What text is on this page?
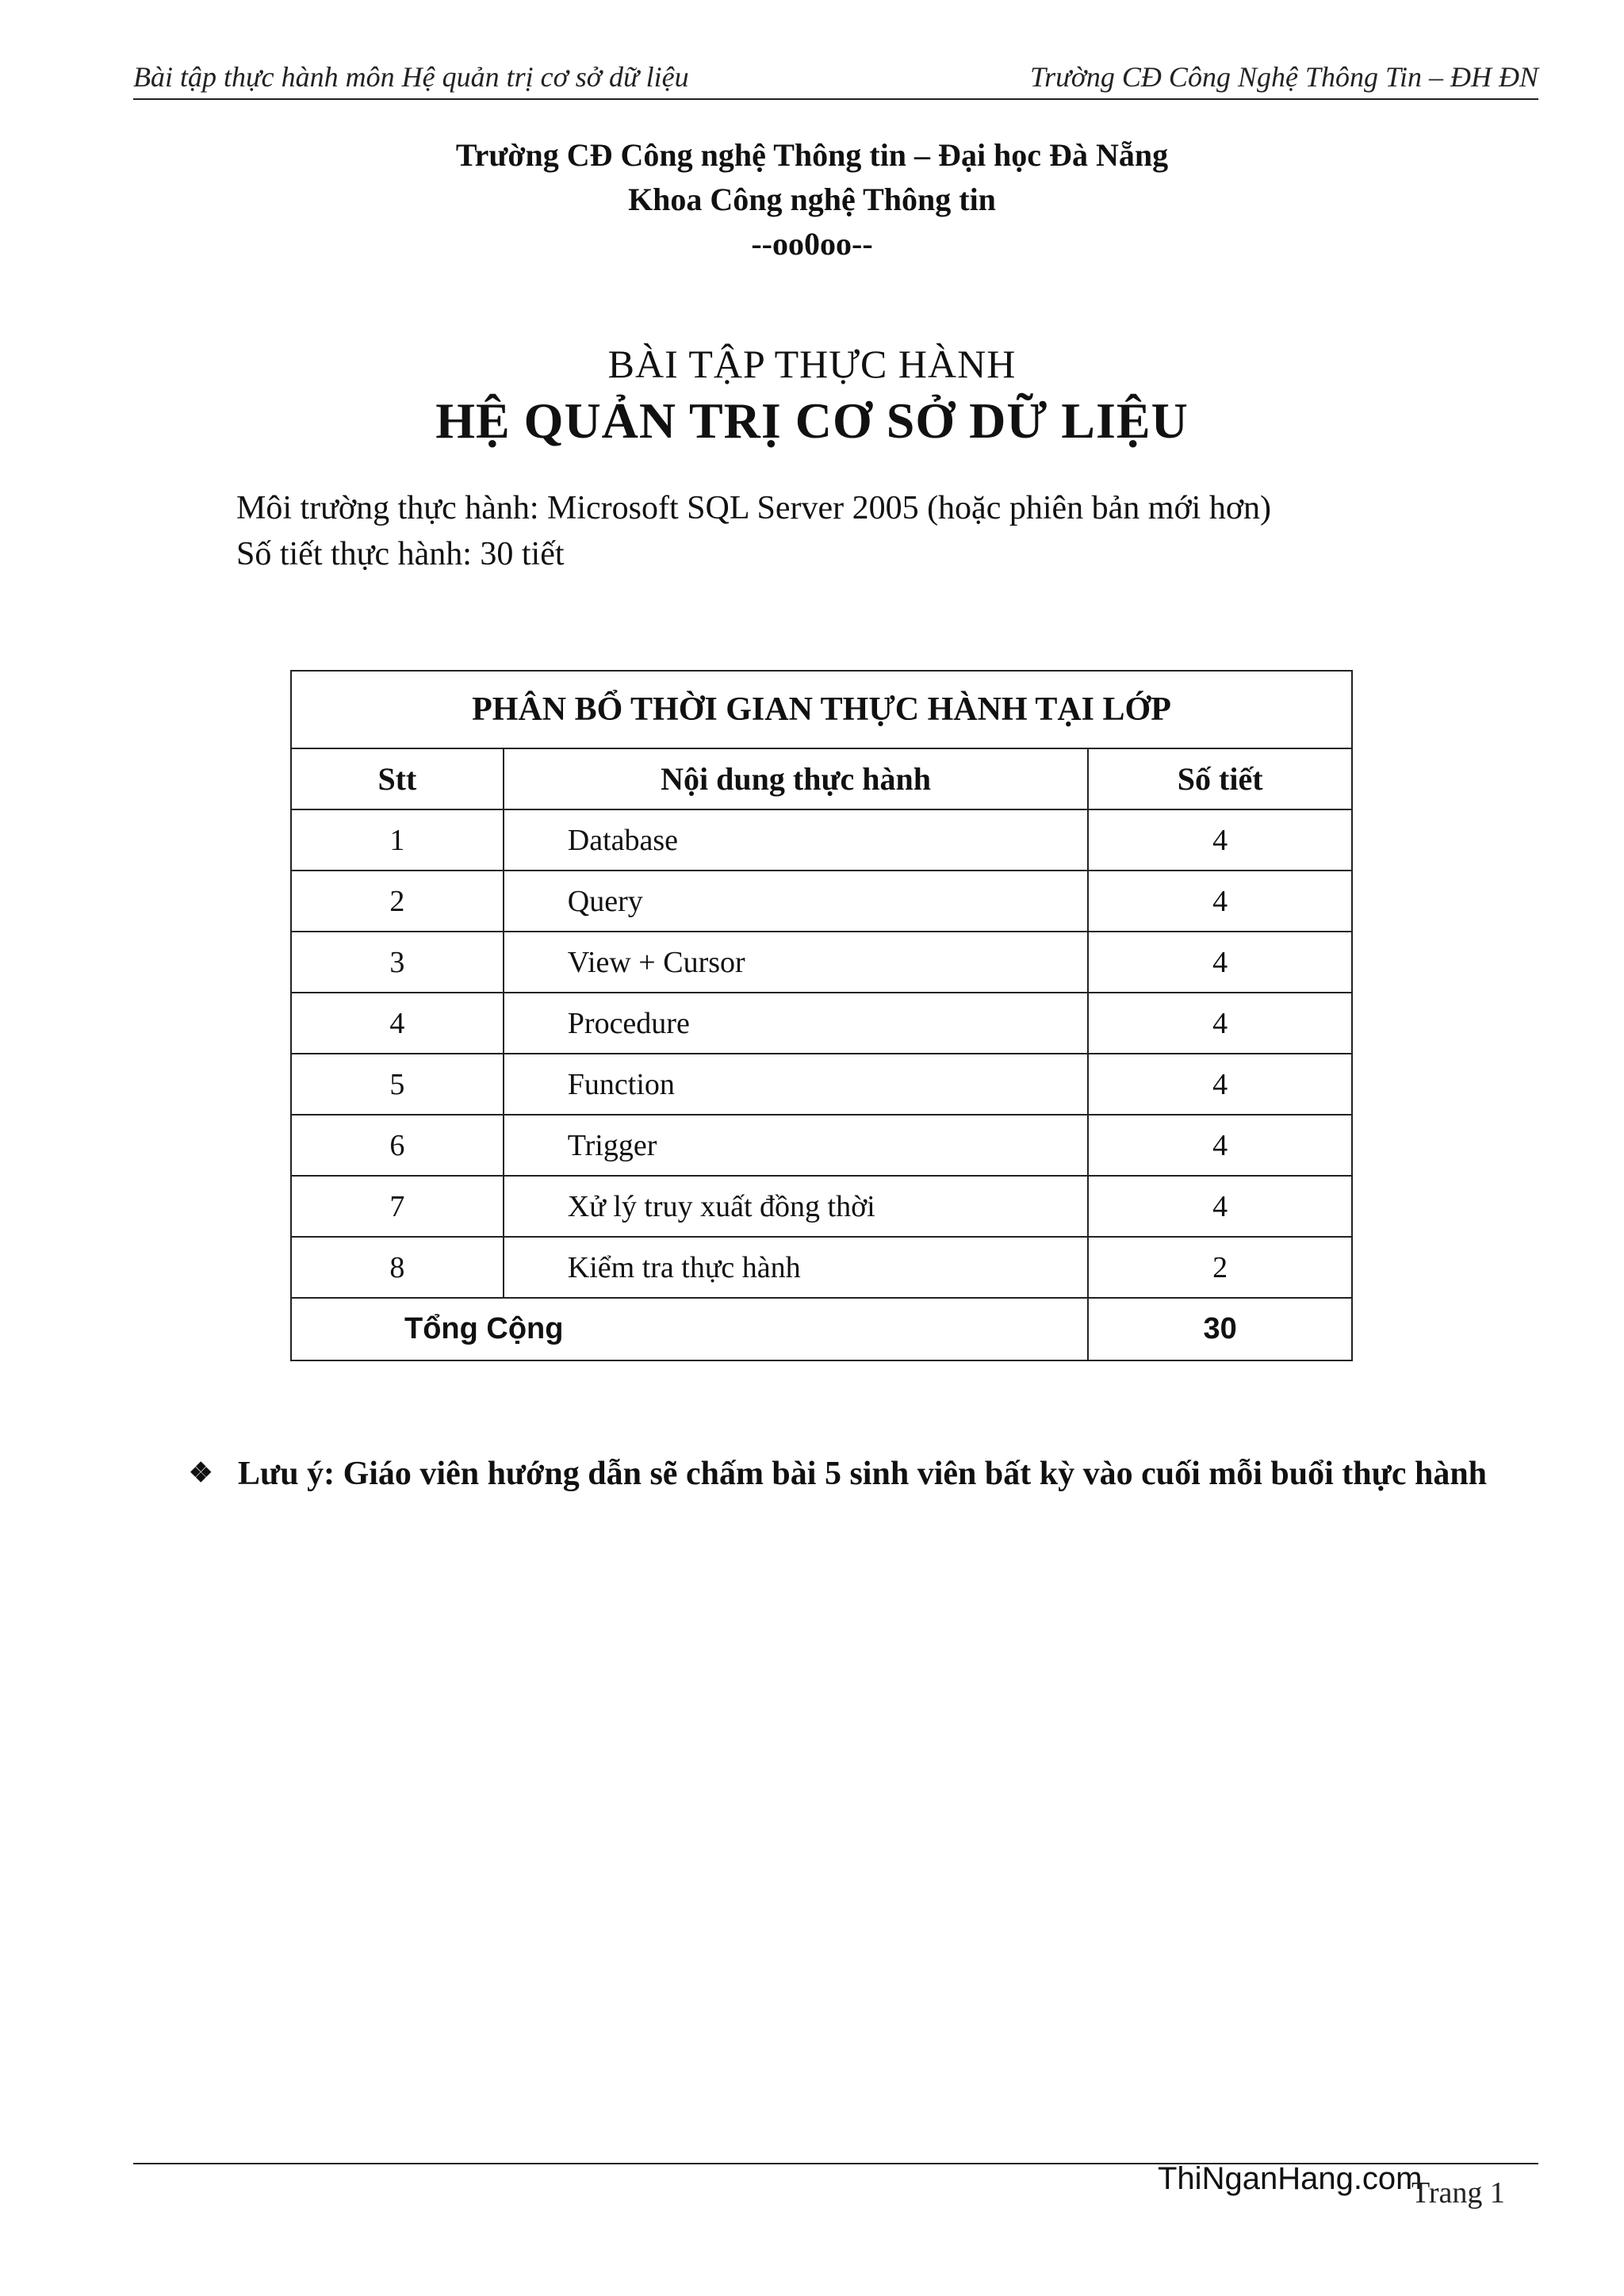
Bài tập thực hành môn Hệ quản trị cơ sở dữ liệu	Trường CĐ Công Nghệ Thông Tin – ĐH ĐN
Trường CĐ Công nghệ Thông tin – Đại học Đà Nẵng
Khoa Công nghệ Thông tin
--oo0oo--
BÀI TẬP THỰC HÀNH
HỆ QUẢN TRỊ CƠ SỞ DỮ LIỆU
Môi trường thực hành: Microsoft SQL Server 2005 (hoặc phiên bản mới hơn)
Số tiết thực hành: 30 tiết
PHÂN BỔ THỜI GIAN THỰC HÀNH TẠI LỚP		
Stt	Nội dung thực hành	Số tiết
1	Database	4
2	Query	4
3	View + Cursor	4
4	Procedure	4
5	Function	4
6	Trigger	4
7	Xử lý truy xuất đồng thời	4
8	Kiểm tra thực hành	2
Tổng Cộng		30
❖ Lưu ý: Giáo viên hướng dẫn sẽ chấm bài 5 sinh viên bất kỳ vào cuối mỗi buổi thực hành
ThiNganHang.com
Trang 1
